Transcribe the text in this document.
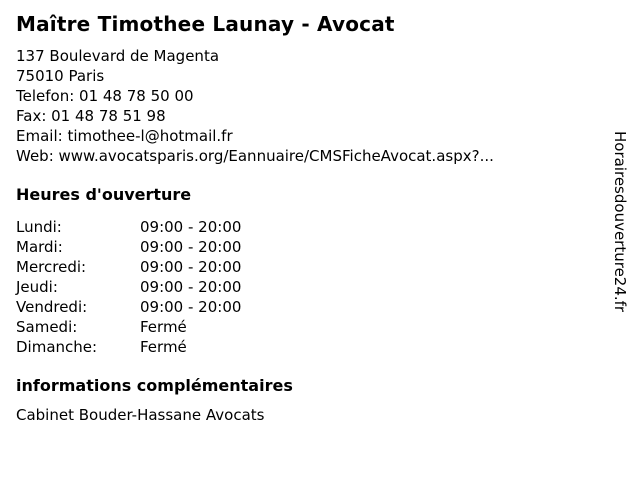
Maître Timothee Launay - Avocat
137 Boulevard de Magenta
75010 Paris
Telefon: 01 48 78 50 00
Fax: 01 48 78 51 98
Email: timothee-l@hotmail.fr
Web: www.avocatsparis.org/Eannuaire/CMSFicheAvocat.aspx?...
Heures d'ouverture
Lundi:	09:00 - 20:00
Mardi:	09:00 - 20:00
Mercredi:	09:00 - 20:00
Jeudi:	09:00 - 20:00
Vendredi:	09:00 - 20:00
Samedi:	Fermé
Dimanche:	Fermé
informations complémentaires
Cabinet Bouder-Hassane Avocats
Horairesdouverture24.fr
